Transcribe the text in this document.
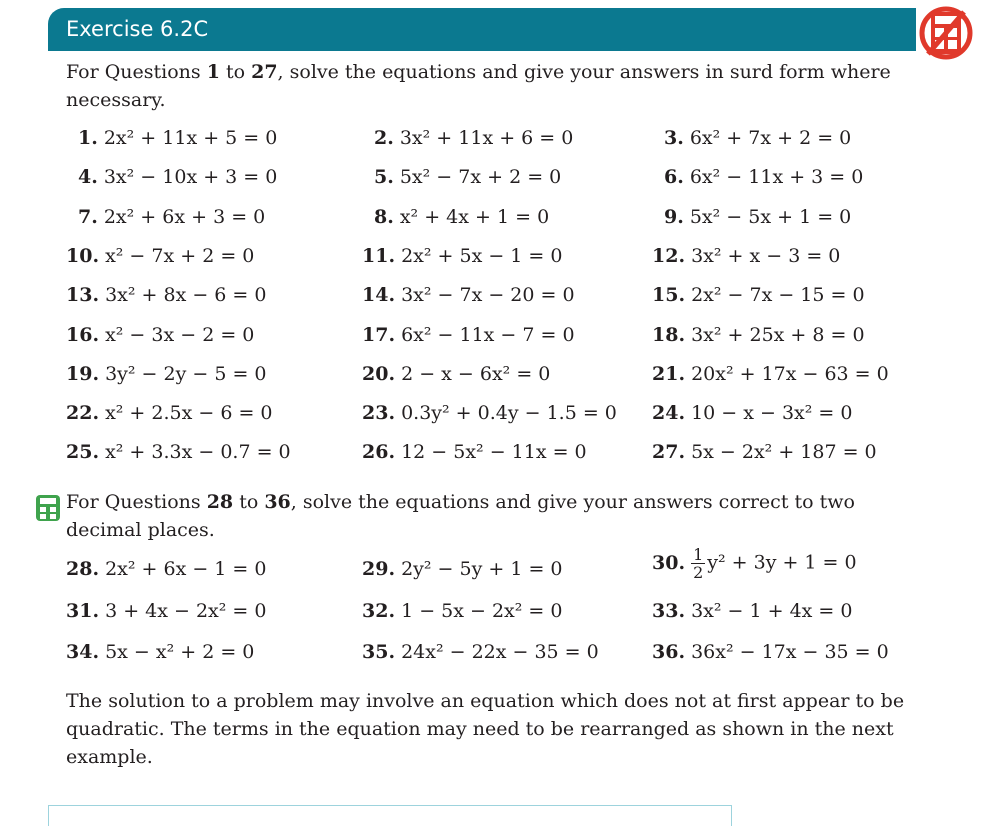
Exercise 6.2C
For Questions 1 to 27, solve the equations and give your answers in surd form where necessary.
1. 2x² + 11x + 5 = 0	2. 3x² + 11x + 6 = 0	3. 6x² + 7x + 2 = 0
4. 3x² − 10x + 3 = 0	5. 5x² − 7x + 2 = 0	6. 6x² − 11x + 3 = 0
7. 2x² + 6x + 3 = 0	8. x² + 4x + 1 = 0	9. 5x² − 5x + 1 = 0
10. x² − 7x + 2 = 0	11. 2x² + 5x − 1 = 0	12. 3x² + x − 3 = 0
13. 3x² + 8x − 6 = 0	14. 3x² − 7x − 20 = 0	15. 2x² − 7x − 15 = 0
16. x² − 3x − 2 = 0	17. 6x² − 11x − 7 = 0	18. 3x² + 25x + 8 = 0
19. 3y² − 2y − 5 = 0	20. 2 − x − 6x² = 0	21. 20x² + 17x − 63 = 0
22. x² + 2.5x − 6 = 0	23. 0.3y² + 0.4y − 1.5 = 0 24. 10 − x − 3x² = 0
25. x² + 3.3x − 0.7 = 0	26. 12 − 5x² − 11x = 0	27. 5x − 2x² + 187 = 0
For Questions 28 to 36, solve the equations and give your answers correct to two decimal places.
28. 2x² + 6x − 1 = 0	29. 2y² − 5y + 1 = 0	30. $\frac{1}{2} y^2 + 3y + 1 = 0$
31. 3 + 4x − 2x² = 0	32. 1 − 5x − 2x² = 0	33. 3x² − 1 + 4x = 0
34. 5x − x² + 2 = 0	35. 24x² − 22x − 35 = 0	36. 36x² − 17x − 35 = 0
The solution to a problem may involve an equation which does not at first appear to be quadratic. The terms in the equation may need to be rearranged as shown in the next example.
